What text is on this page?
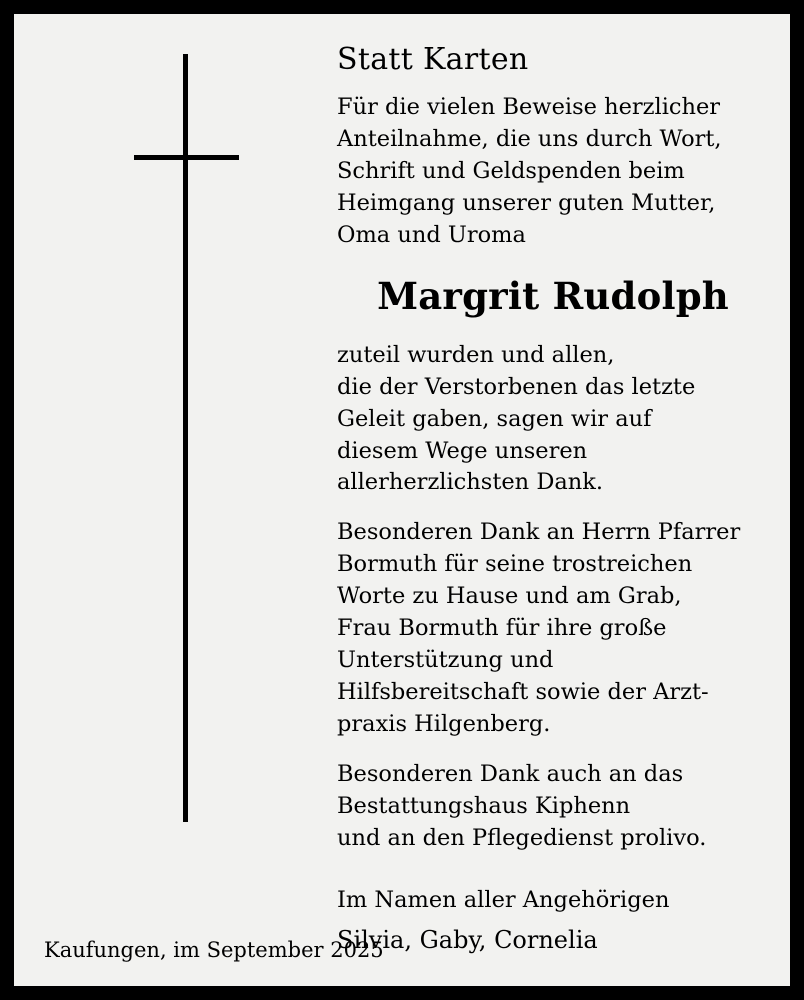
Statt Karten
Für die vielen Beweise herzlicher
Anteilnahme, die uns durch Wort,
Schrift und Geldspenden beim
Heimgang unserer guten Mutter,
Oma und Uroma
Margrit Rudolph
zuteil wurden und allen,
die der Verstorbenen das letzte
Geleit gaben, sagen wir auf
diesem Wege unseren
allerherzlichsten Dank.
Besonderen Dank an Herrn Pfarrer
Bormuth für seine trostreichen
Worte zu Hause und am Grab,
Frau Bormuth für ihre große
Unterstützung und
Hilfsbereitschaft sowie der Arzt-
praxis Hilgenberg.
Besonderen Dank auch an das
Bestattungshaus Kiphenn
und an den Pflegedienst prolivo.
Im Namen aller Angehörigen
Silvia, Gaby, Cornelia
Kaufungen, im September 2025
